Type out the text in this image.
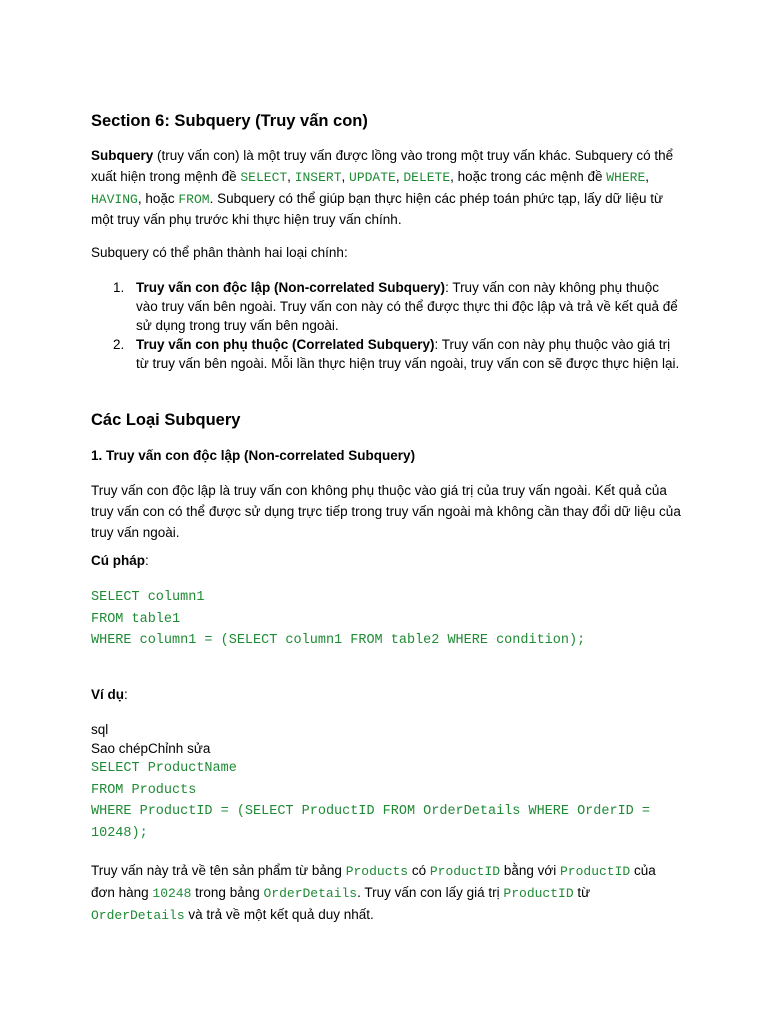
Section 6: Subquery (Truy vấn con)

Subquery (truy vấn con) là một truy vấn được lồng vào trong một truy vấn khác. Subquery có thể xuất hiện trong mệnh đề SELECT, INSERT, UPDATE, DELETE, hoặc trong các mệnh đề WHERE, HAVING, hoặc FROM. Subquery có thể giúp bạn thực hiện các phép toán phức tạp, lấy dữ liệu từ một truy vấn phụ trước khi thực hiện truy vấn chính.

Subquery có thể phân thành hai loại chính:

1. Truy vấn con độc lập (Non-correlated Subquery): Truy vấn con này không phụ thuộc vào truy vấn bên ngoài. Truy vấn con này có thể được thực thi độc lập và trả về kết quả để sử dụng trong truy vấn bên ngoài.
2. Truy vấn con phụ thuộc (Correlated Subquery): Truy vấn con này phụ thuộc vào giá trị từ truy vấn bên ngoài. Mỗi lần thực hiện truy vấn ngoài, truy vấn con sẽ được thực hiện lại.
Các Loại Subquery
1. Truy vấn con độc lập (Non-correlated Subquery)

Truy vấn con độc lập là truy vấn con không phụ thuộc vào giá trị của truy vấn ngoài. Kết quả của truy vấn con có thể được sử dụng trực tiếp trong truy vấn ngoài mà không cần thay đổi dữ liệu của truy vấn ngoài.

Cú pháp:

SELECT column1
FROM table1
WHERE column1 = (SELECT column1 FROM table2 WHERE condition);

Ví dụ:

sql
Sao chépChỉnh sửa
SELECT ProductName
FROM Products
WHERE ProductID = (SELECT ProductID FROM OrderDetails WHERE OrderID =
10248);

Truy vấn này trả về tên sản phẩm từ bảng Products có ProductID bằng với ProductID của đơn hàng 10248 trong bảng OrderDetails. Truy vấn con lấy giá trị ProductID từ OrderDetails và trả về một kết quả duy nhất.
